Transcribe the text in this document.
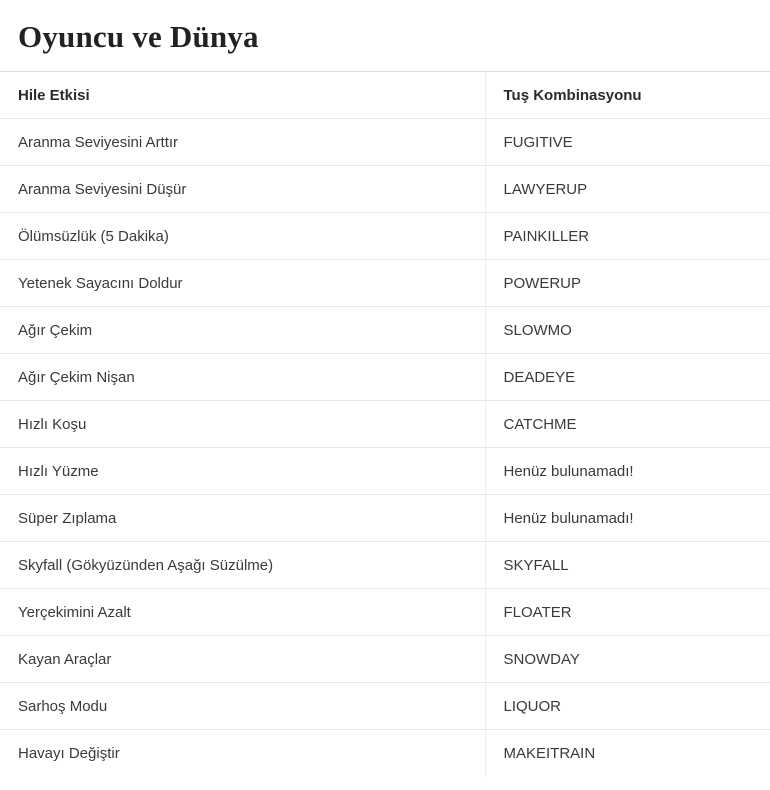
Oyuncu ve Dünya
Hile Etkisi	Tuş Kombinasyonu
Aranma Seviyesini Arttır	FUGITIVE
Aranma Seviyesini Düşür	LAWYERUP
Ölümsüzlük (5 Dakika)	PAINKILLER
Yetenek Sayacını Doldur	POWERUP
Ağır Çekim	SLOWMO
Ağır Çekim Nişan	DEADEYE
Hızlı Koşu	CATCHME
Hızlı Yüzme	Henüz bulunamadı!
Süper Zıplama	Henüz bulunamadı!
Skyfall (Gökyüzünden Aşağı Süzülme)	SKYFALL
Yerçekimini Azalt	FLOATER
Kayan Araçlar	SNOWDAY
Sarhoş Modu	LIQUOR
Havayı Değiştir	MAKEITRAIN
